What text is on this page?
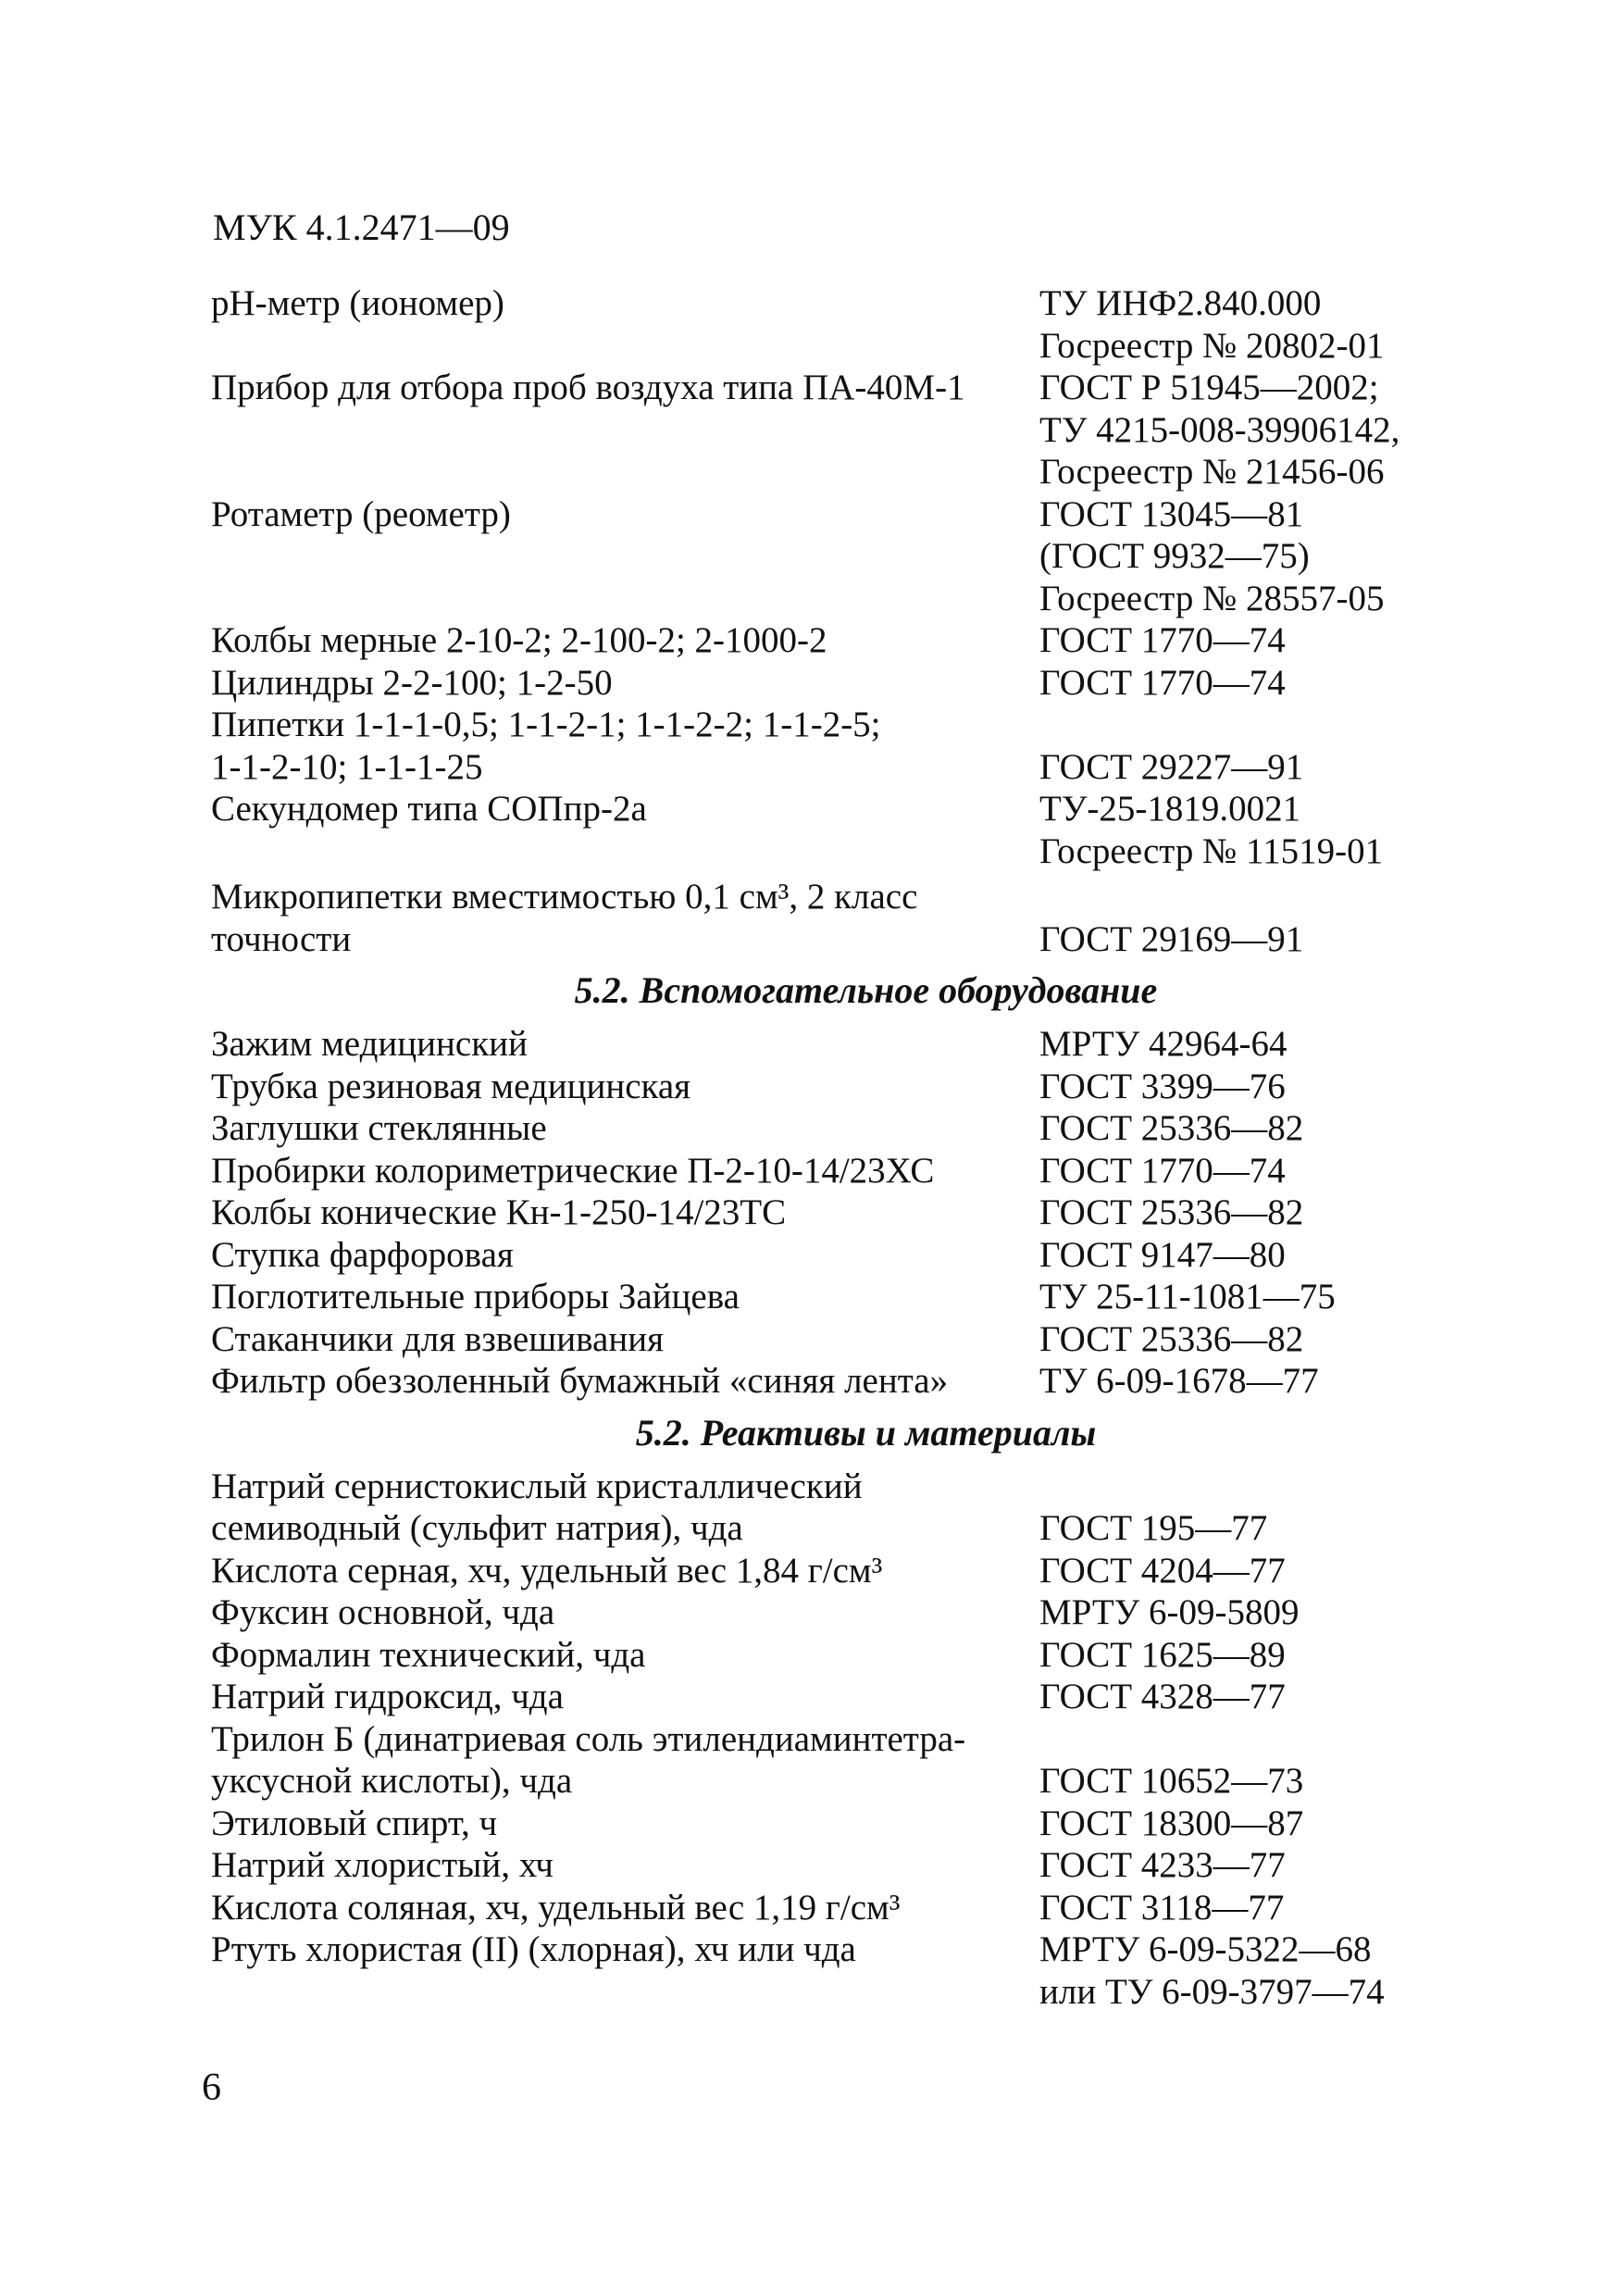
МУК 4.1.2471—09
рН-метр (иономер)	ТУ ИНФ2.840.000
Госреестр № 20802-01
Прибор для отбора проб воздуха типа ПА-40М-1	ГОСТ Р 51945—2002;
ТУ 4215-008-39906142,
Госреестр № 21456-06
Ротаметр (реометр)	ГОСТ 13045—81
(ГОСТ 9932—75)
Госреестр № 28557-05
Колбы мерные 2-10-2; 2-100-2; 2-1000-2	ГОСТ 1770—74
Цилиндры 2-2-100; 1-2-50	ГОСТ 1770—74
Пипетки 1-1-1-0,5; 1-1-2-1; 1-1-2-2; 1-1-2-5;
1-1-2-10; 1-1-1-25	ГОСТ 29227—91
Секундомер типа СОПпр-2а	ТУ-25-1819.0021
Госреестр № 11519-01
Микропипетки вместимостью 0,1 см³, 2 класс
точности	ГОСТ 29169—91
5.2. Вспомогательное оборудование
Зажим медицинский	МРТУ 42964-64
Трубка резиновая медицинская	ГОСТ 3399—76
Заглушки стеклянные	ГОСТ 25336—82
Пробирки колориметрические П-2-10-14/23ХС	ГОСТ 1770—74
Колбы конические Кн-1-250-14/23ТС	ГОСТ 25336—82
Ступка фарфоровая	ГОСТ 9147—80
Поглотительные приборы Зайцева	ТУ 25-11-1081—75
Стаканчики для взвешивания	ГОСТ 25336—82
Фильтр обеззоленный бумажный «синяя лента»	ТУ 6-09-1678—77
5.2. Реактивы и материалы
Натрий сернистокислый кристаллический
семиводный (сульфит натрия), чда	ГОСТ 195—77
Кислота серная, хч, удельный вес 1,84 г/см³	ГОСТ 4204—77
Фуксин основной, чда	МРТУ 6-09-5809
Формалин технический, чда	ГОСТ 1625—89
Натрий гидроксид, чда	ГОСТ 4328—77
Трилон Б (динатриевая соль этилендиаминтетра-
уксусной кислоты), чда	ГОСТ 10652—73
Этиловый спирт, ч	ГОСТ 18300—87
Натрий хлористый, хч	ГОСТ 4233—77
Кислота соляная, хч, удельный вес 1,19 г/см³	ГОСТ 3118—77
Ртуть хлористая (II) (хлорная), хч или чда	МРТУ 6-09-5322—68
или ТУ 6-09-3797—74
6
